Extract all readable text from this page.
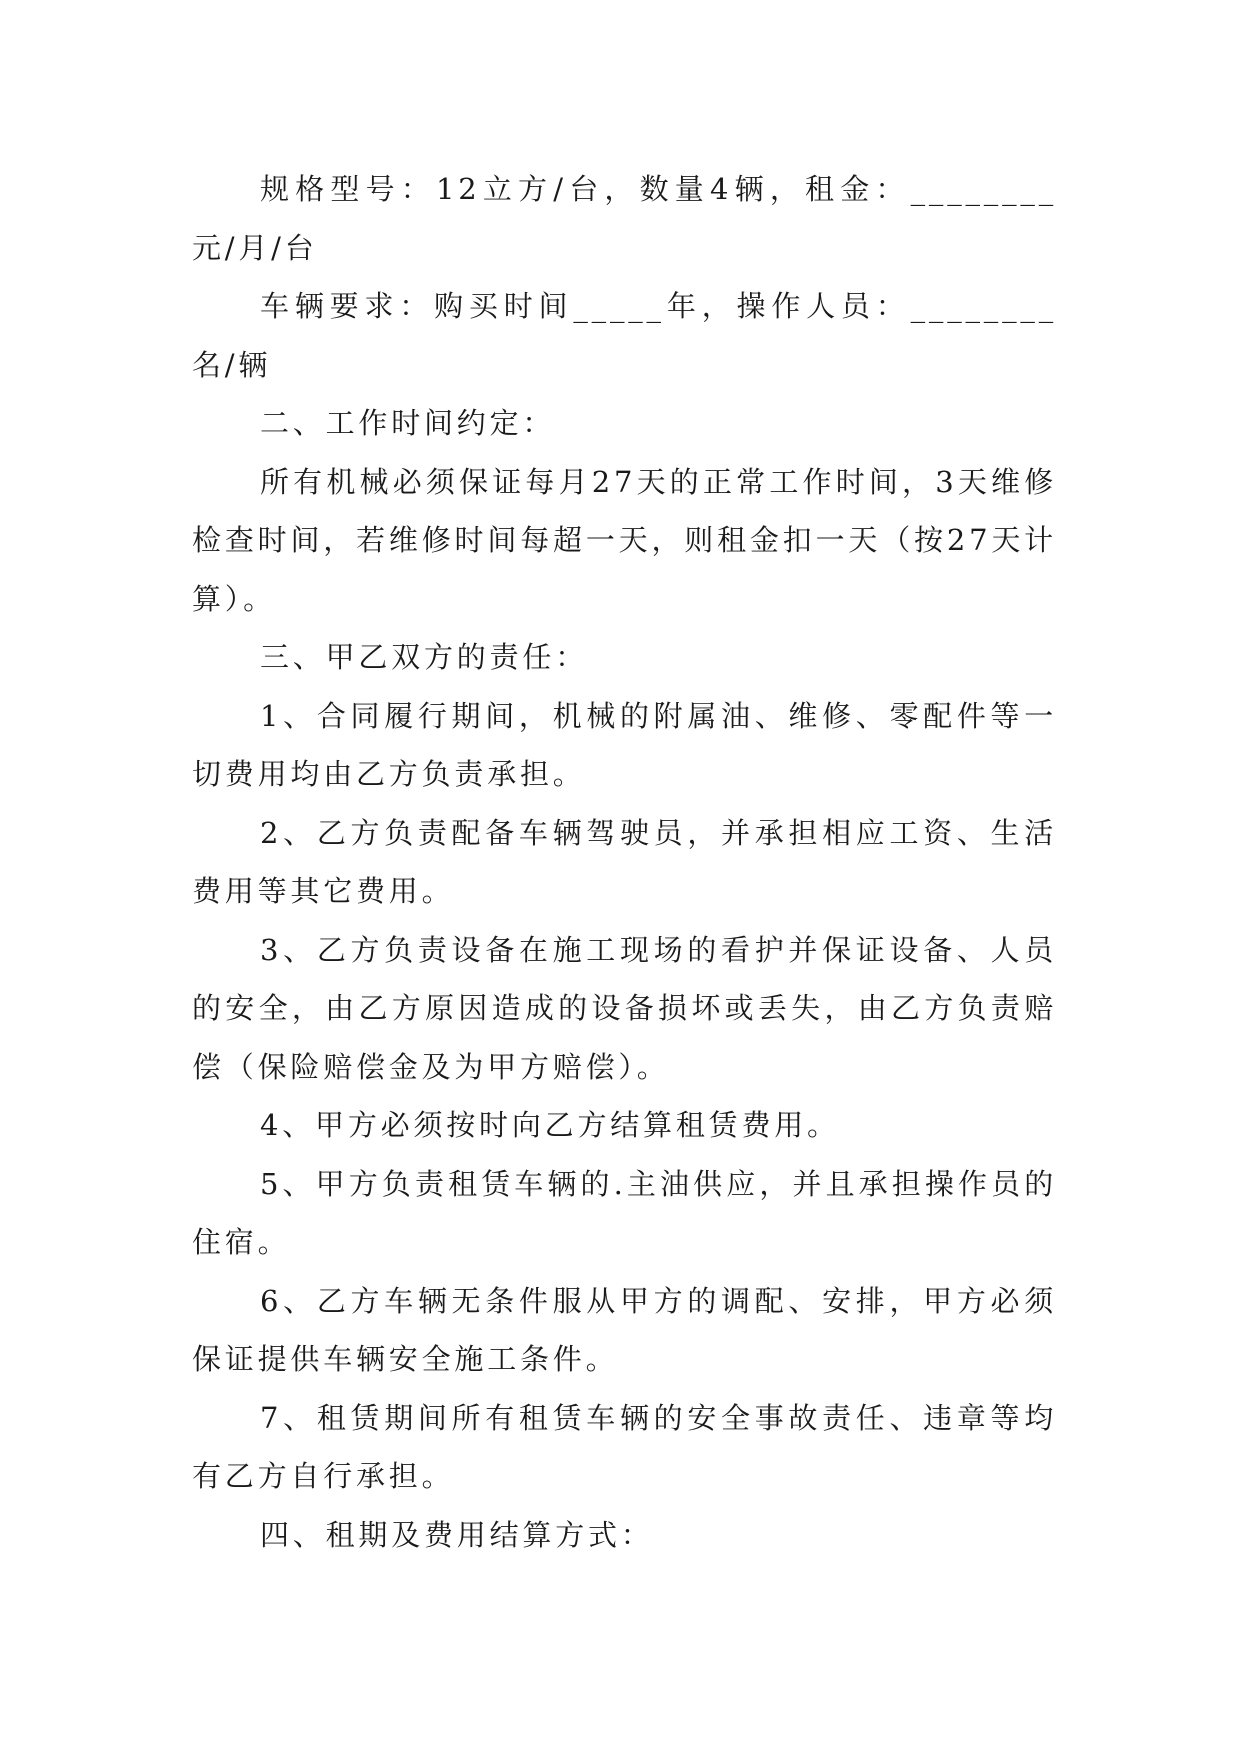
规格型号：12立方/台，数量4辆，租金：________元/月/台

车辆要求：购买时间_____年，操作人员：________名/辆

二、工作时间约定：

所有机械必须保证每月27天的正常工作时间，3天维修检查时间，若维修时间每超一天，则租金扣一天（按27天计算）。

三、甲乙双方的责任：

1、合同履行期间，机械的附属油、维修、零配件等一切费用均由乙方负责承担。

2、乙方负责配备车辆驾驶员，并承担相应工资、生活费用等其它费用。

3、乙方负责设备在施工现场的看护并保证设备、人员的安全，由乙方原因造成的设备损坏或丢失，由乙方负责赔偿（保险赔偿金及为甲方赔偿）。

4、甲方必须按时向乙方结算租赁费用。

5、甲方负责租赁车辆的.主油供应，并且承担操作员的住宿。

6、乙方车辆无条件服从甲方的调配、安排，甲方必须保证提供车辆安全施工条件。

7、租赁期间所有租赁车辆的安全事故责任、违章等均有乙方自行承担。

四、租期及费用结算方式：
